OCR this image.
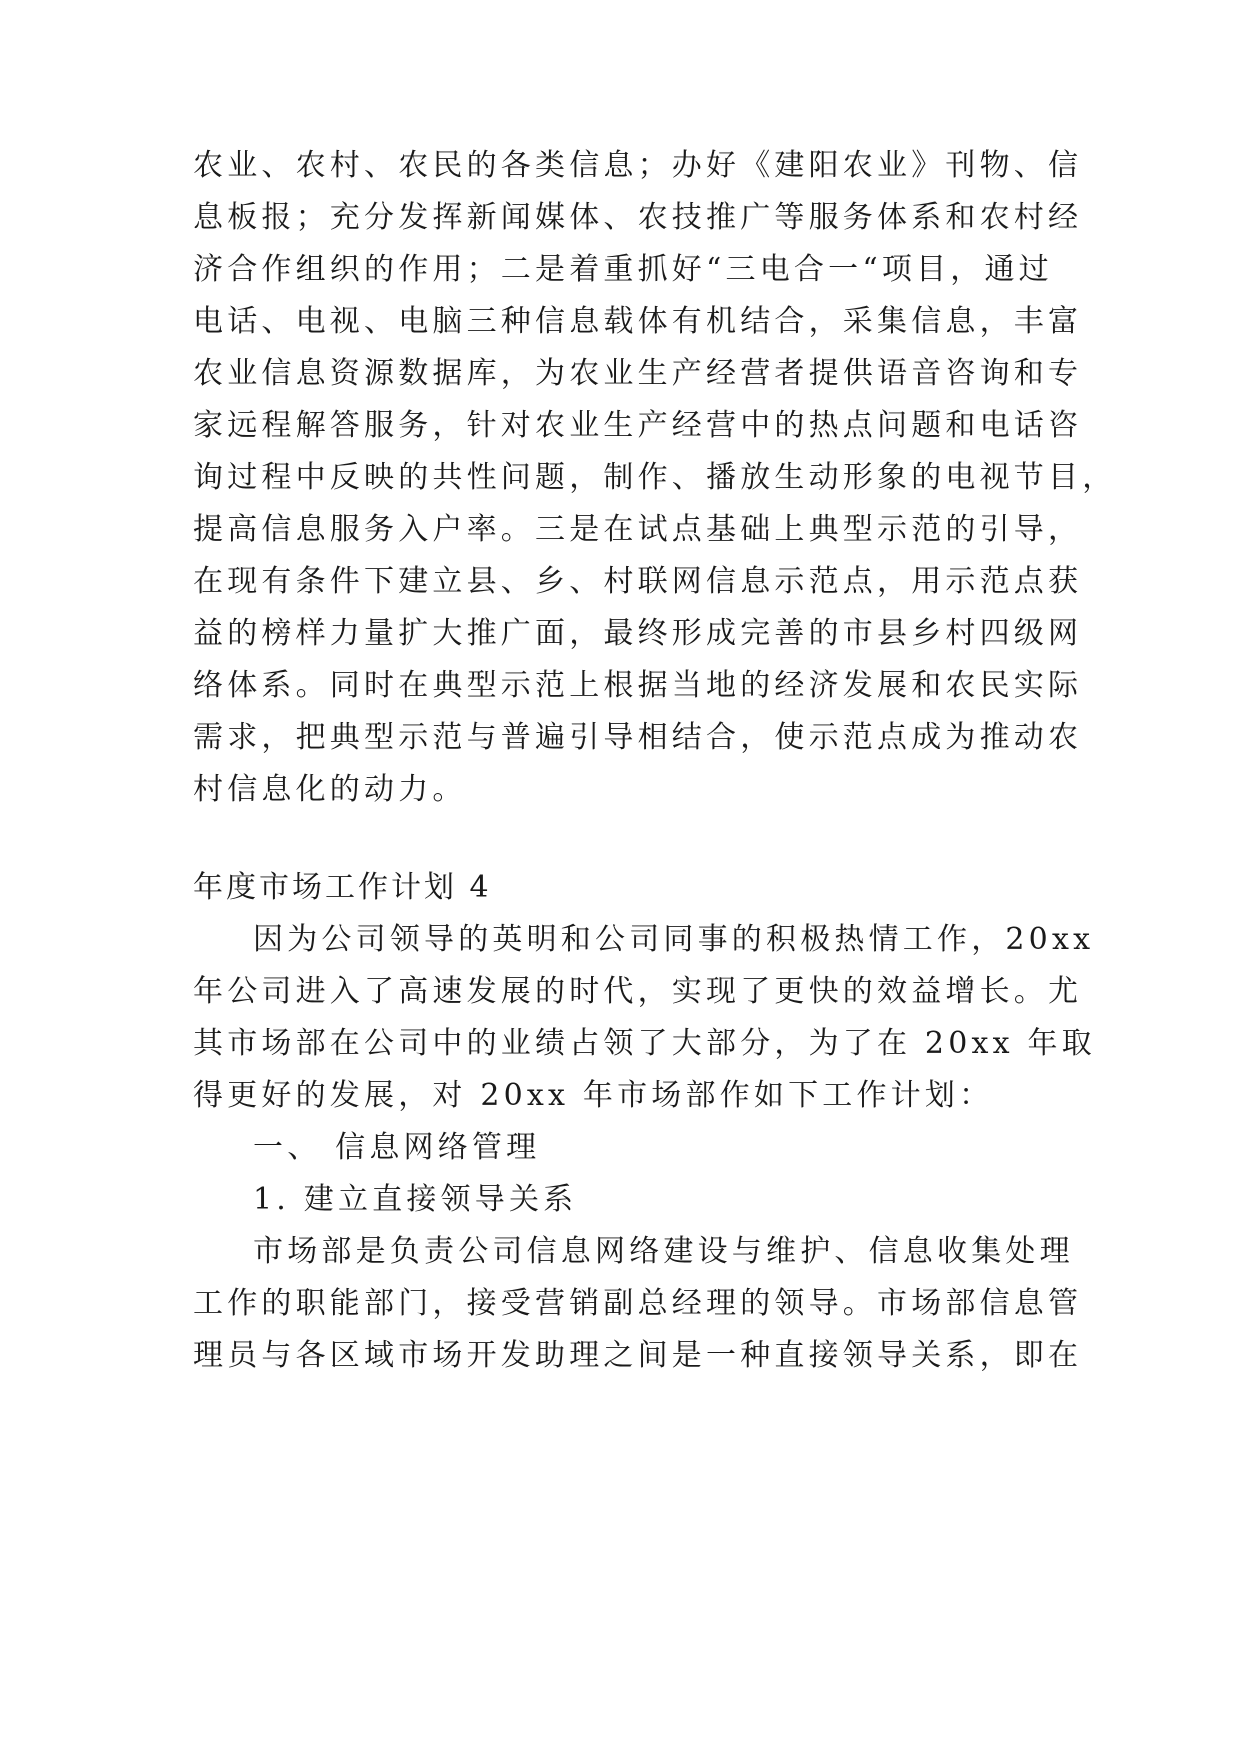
农业、农村、农民的各类信息；办好《建阳农业》刊物、信
息板报；充分发挥新闻媒体、农技推广等服务体系和农村经
济合作组织的作用；二是着重抓好“三电合一“项目，通过
电话、电视、电脑三种信息载体有机结合，采集信息，丰富
农业信息资源数据库，为农业生产经营者提供语音咨询和专
家远程解答服务，针对农业生产经营中的热点问题和电话咨
询过程中反映的共性问题，制作、播放生动形象的电视节目，
提高信息服务入户率。三是在试点基础上典型示范的引导，
在现有条件下建立县、乡、村联网信息示范点，用示范点获
益的榜样力量扩大推广面，最终形成完善的市县乡村四级网
络体系。同时在典型示范上根据当地的经济发展和农民实际
需求，把典型示范与普遍引导相结合，使示范点成为推动农
村信息化的动力。
年度市场工作计划 4
因为公司领导的英明和公司同事的积极热情工作，20xx
年公司进入了高速发展的时代，实现了更快的效益增长。尤
其市场部在公司中的业绩占领了大部分，为了在 20xx 年取
得更好的发展，对 20xx 年市场部作如下工作计划：
一、 信息网络管理
1. 建立直接领导关系
市场部是负责公司信息网络建设与维护、信息收集处理
工作的职能部门，接受营销副总经理的领导。市场部信息管
理员与各区域市场开发助理之间是一种直接领导关系，即在
